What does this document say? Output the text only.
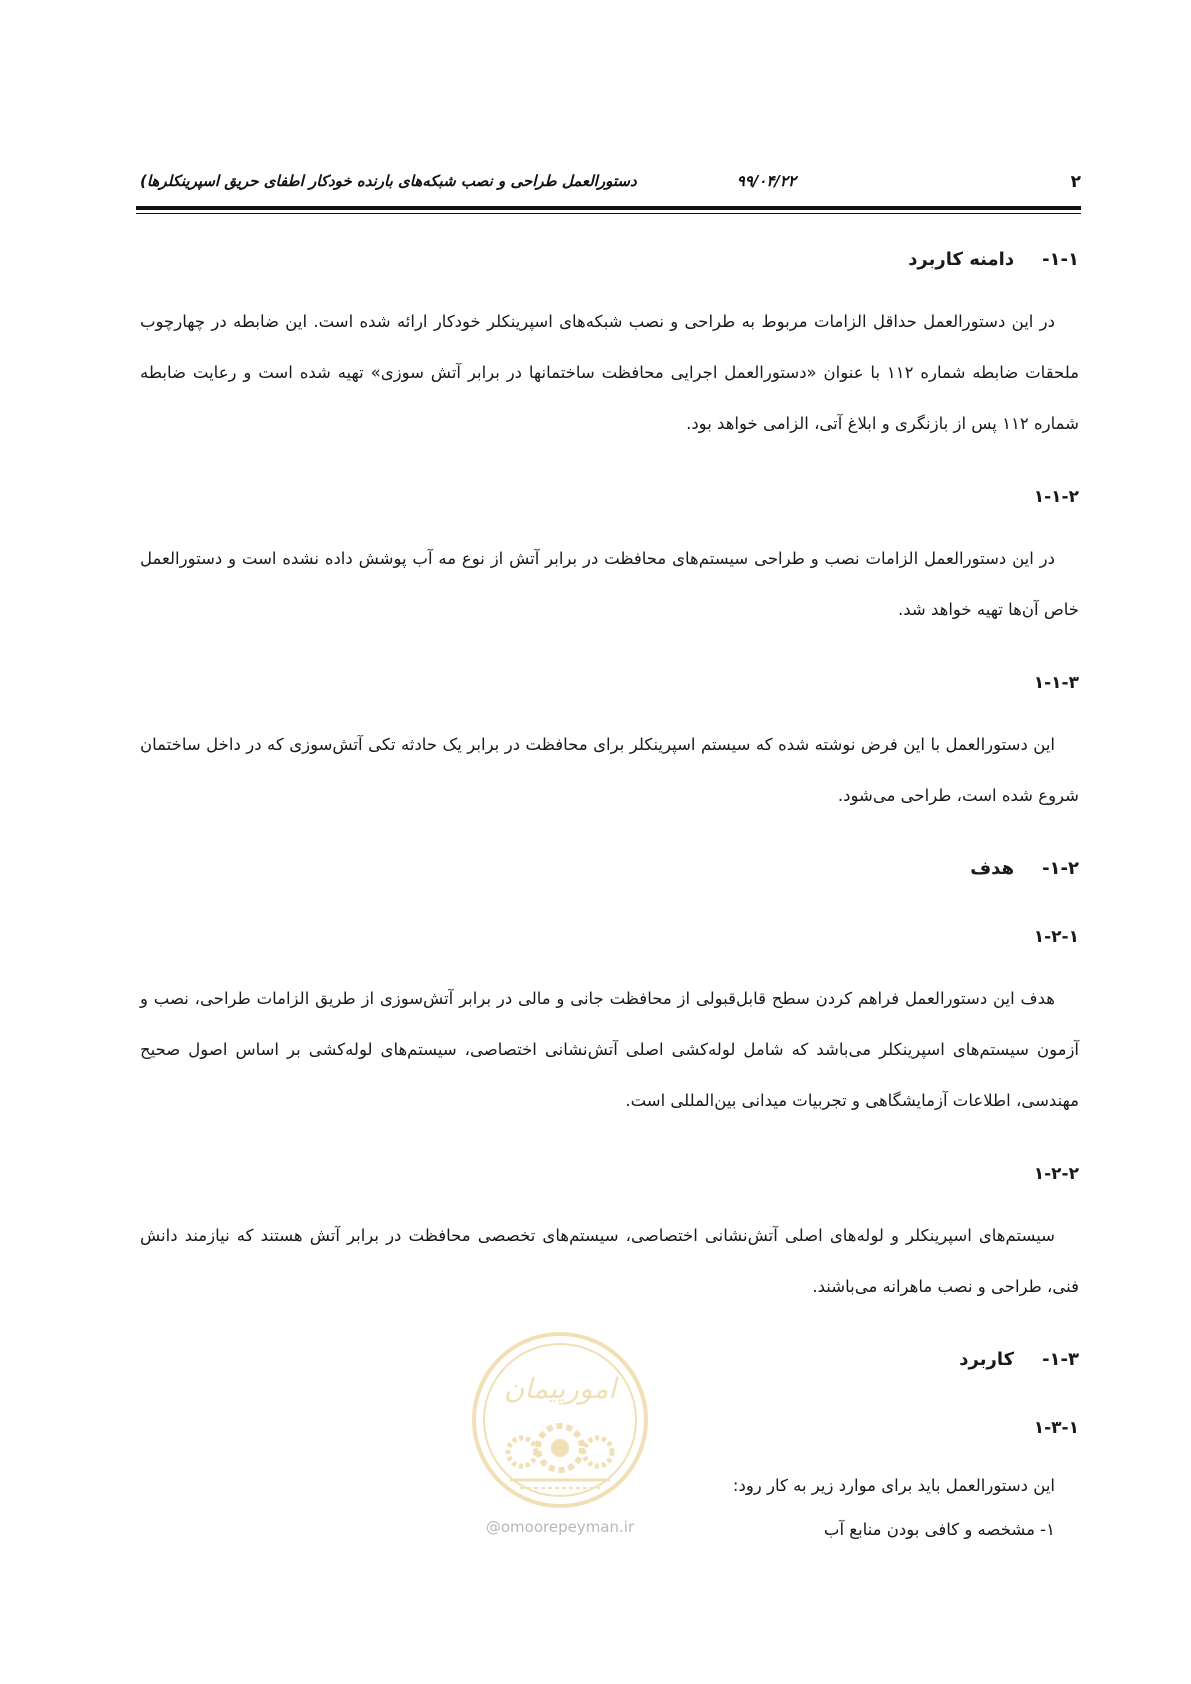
۲
۹۹/۰۴/۲۲
دستورالعمل طراحی و نصب شبکه‌های بارنده خودکار اطفای حریق اسپرینکلرها)
۱-۱-دامنه کاربرد

در این دستورالعمل حداقل الزامات مربوط به طراحی و نصب شبکه‌های اسپرینکلر خودکار ارائه شده است. این ضابطه در چهارچوب ملحقات ضابطه شماره ۱۱۲ با عنوان «دستورالعمل اجرایی محافظت ساختمانها در برابر آتش سوزی» تهیه شده است و رعایت ضابطه شماره ۱۱۲ پس از بازنگری و ابلاغ آتی، الزامی خواهد بود.

۱-۱-۲

در این دستورالعمل الزامات نصب و طراحی سیستم‌های محافظت در برابر آتش از نوع مه آب پوشش داده نشده است و دستورالعمل خاص آن‌ها تهیه خواهد شد.

۱-۱-۳

این دستورالعمل با این فرض نوشته شده که سیستم اسپرینکلر برای محافظت در برابر یک حادثه تکی آتش‌سوزی که در داخل ساختمان شروع شده است، طراحی می‌شود.

۱-۲-هدف

۱-۲-۱

هدف این دستورالعمل فراهم کردن سطح قابل‌قبولی از محافظت جانی و مالی در برابر آتش‌سوزی از طریق الزامات طراحی، نصب و آزمون سیستم‌های اسپرینکلر می‌باشد که شامل لوله‌کشی اصلی آتش‌نشانی اختصاصی، سیستم‌های لوله‌کشی بر اساس اصول صحیح مهندسی، اطلاعات آزمایشگاهی و تجربیات میدانی بین‌المللی است.

۱-۲-۲

سیستم‌های اسپرینکلر و لوله‌های اصلی آتش‌نشانی اختصاصی، سیستم‌های تخصصی محافظت در برابر آتش هستند که نیازمند دانش فنی، طراحی و نصب ماهرانه می‌باشند.

۱-۳-کاربرد

۱-۳-۱

این دستورالعمل باید برای موارد زیر به کار رود:

۱- مشخصه و کافی بودن منابع آب

امورپیمان
@omoorepeyman.ir
